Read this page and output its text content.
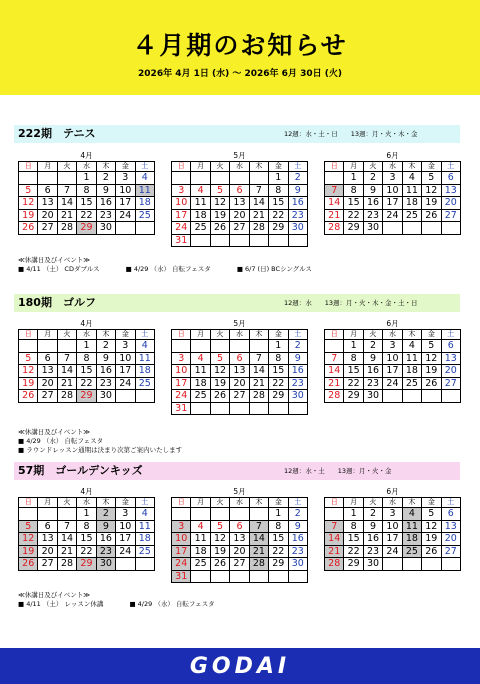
４月期のお知らせ
2026年 4月 1日 (水) ～ 2026年 6月 30日 (火)
222期　テニス	12週：水・土・日　　13週：月・火・木・金
4月
日	月	火	水	木	金	土
			1	2	3	4
5	6	7	8	9	10	11
12	13	14	15	16	17	18
19	20	21	22	23	24	25
26	27	28	29	30		
5月
日	月	火	水	木	金	土
					1	2
3	4	5	6	7	8	9
10	11	12	13	14	15	16
17	18	19	20	21	22	23
24	25	26	27	28	29	30
31						
6月
日	月	火	水	木	金	土
	1	2	3	4	5	6
7	8	9	10	11	12	13
14	15	16	17	18	19	20
21	22	23	24	25	26	27
28	29	30				
≪休講日及びイベント≫
■ 4/11 （土） CDダブルス	■ 4/29 （水） 自転フェスタ	■ 6/7 (日) BCシングルス
180期　ゴルフ	12週：水　　13週：月・火・木・金・土・日
4月
日	月	火	水	木	金	土
			1	2	3	4
5	6	7	8	9	10	11
12	13	14	15	16	17	18
19	20	21	22	23	24	25
26	27	28	29	30		
5月
日	月	火	水	木	金	土
					1	2
3	4	5	6	7	8	9
10	11	12	13	14	15	16
17	18	19	20	21	22	23
24	25	26	27	28	29	30
31						
6月
日	月	火	水	木	金	土
	1	2	3	4	5	6
7	8	9	10	11	12	13
14	15	16	17	18	19	20
21	22	23	24	25	26	27
28	29	30				
≪休講日及びイベント≫
■ 4/29 （水） 自転フェスタ
■ ラウンドレッスン通期は決まり次第ご案内いたします
57期　ゴールデンキッズ	12週：水・土　　13週：月・火・金
4月
日	月	火	水	木	金	土
			1	2	3	4
5	6	7	8	9	10	11
12	13	14	15	16	17	18
19	20	21	22	23	24	25
26	27	28	29	30		
5月
日	月	火	水	木	金	土
					1	2
3	4	5	6	7	8	9
10	11	12	13	14	15	16
17	18	19	20	21	22	23
24	25	26	27	28	29	30
31						
6月
日	月	火	水	木	金	土
	1	2	3	4	5	6
7	8	9	10	11	12	13
14	15	16	17	18	19	20
21	22	23	24	25	26	27
28	29	30				
≪休講日及びイベント≫
■ 4/11 （土） レッスン休講	■ 4/29 （水） 自転フェスタ
GODAI
